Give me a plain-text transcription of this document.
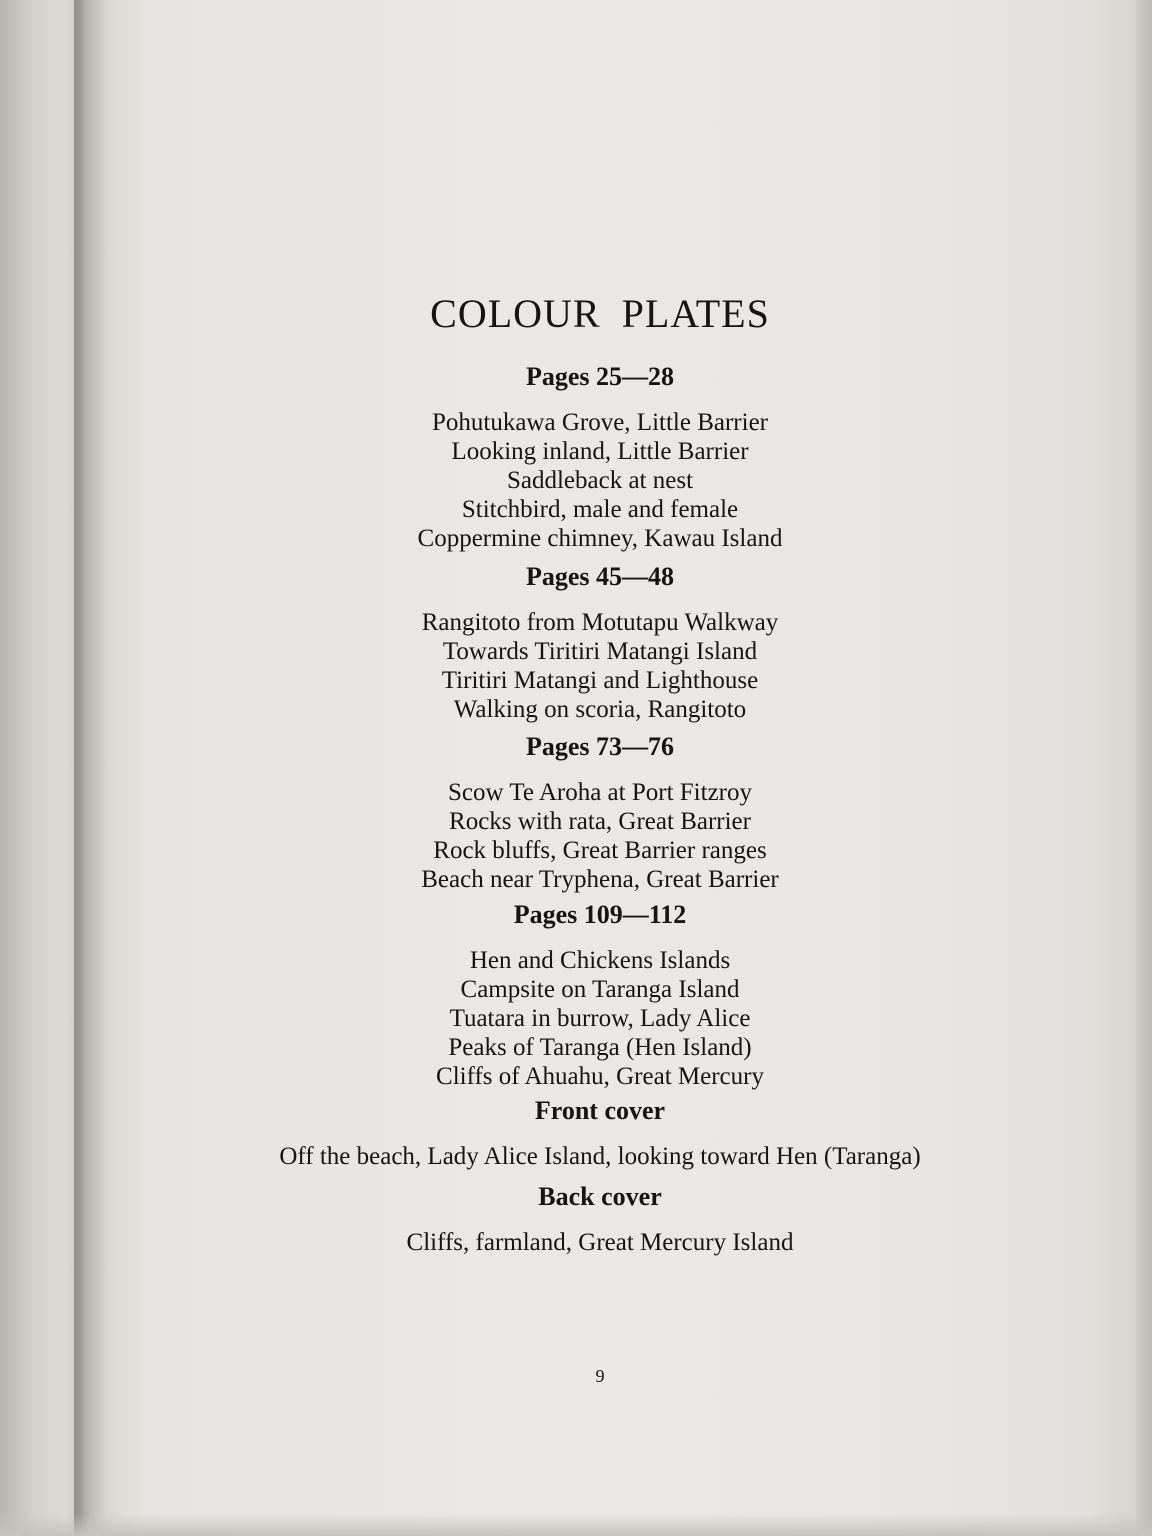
COLOUR PLATES
Pages 25—28
Pohutukawa Grove, Little Barrier
Looking inland, Little Barrier
Saddleback at nest
Stitchbird, male and female
Coppermine chimney, Kawau Island
Pages 45—48
Rangitoto from Motutapu Walkway
Towards Tiritiri Matangi Island
Tiritiri Matangi and Lighthouse
Walking on scoria, Rangitoto
Pages 73—76
Scow Te Aroha at Port Fitzroy
Rocks with rata, Great Barrier
Rock bluffs, Great Barrier ranges
Beach near Tryphena, Great Barrier
Pages 109—112
Hen and Chickens Islands
Campsite on Taranga Island
Tuatara in burrow, Lady Alice
Peaks of Taranga (Hen Island)
Cliffs of Ahuahu, Great Mercury
Front cover
Off the beach, Lady Alice Island, looking toward Hen (Taranga)
Back cover
Cliffs, farmland, Great Mercury Island
9
